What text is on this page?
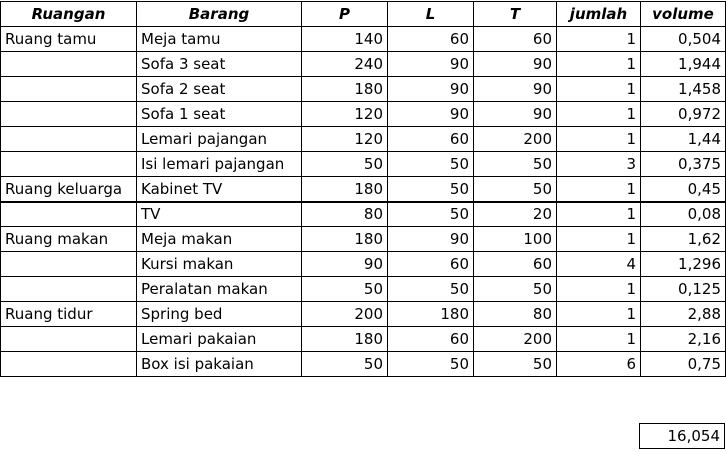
Ruangan	Barang	P	L	T	jumlah	volume
Ruang tamu	Meja tamu	140	60	60	1	0,504
	Sofa 3 seat	240	90	90	1	1,944
	Sofa 2 seat	180	90	90	1	1,458
	Sofa 1 seat	120	90	90	1	0,972
	Lemari pajangan	120	60	200	1	1,44
	Isi lemari pajangan	50	50	50	3	0,375
Ruang keluarga	Kabinet TV	180	50	50	1	0,45
	TV	80	50	20	1	0,08
Ruang makan	Meja makan	180	90	100	1	1,62
	Kursi makan	90	60	60	4	1,296
	Peralatan makan	50	50	50	1	0,125
Ruang tidur	Spring bed	200	180	80	1	2,88
	Lemari pakaian	180	60	200	1	2,16
	Box isi pakaian	50	50	50	6	0,75
16,054
